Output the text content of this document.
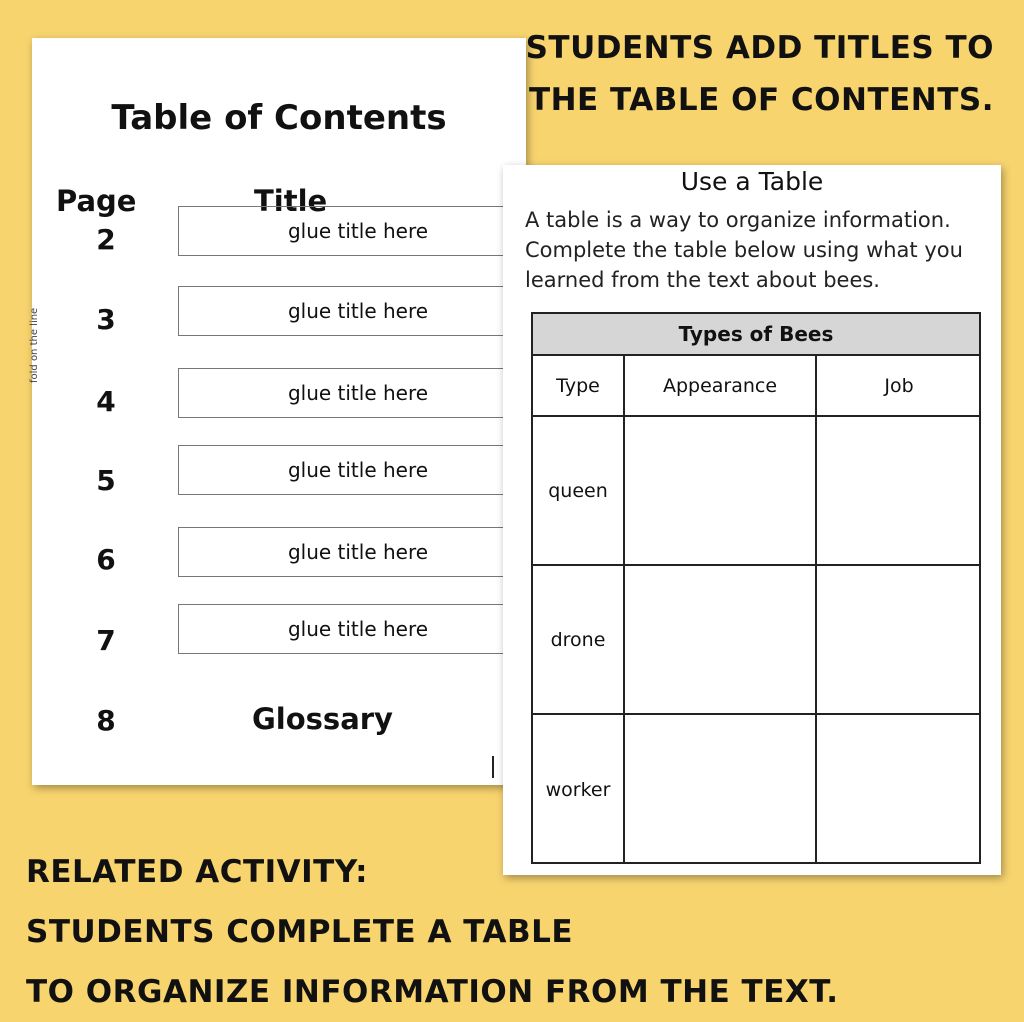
STUDENTS ADD TITLES TO
THE TABLE OF CONTENTS.
Table of Contents
Page	Title
2	glue title here
3	glue title here
4	glue title here
5	glue title here
6	glue title here
7	glue title here
8	Glossary
fold on the line
Use a Table
A table is a way to organize information. Complete the table below using what you learned from the text about bees.
Types of Bees
Type	Appearance	Job
queen
drone
worker
RELATED ACTIVITY:
STUDENTS COMPLETE A TABLE
TO ORGANIZE INFORMATION FROM THE TEXT.
